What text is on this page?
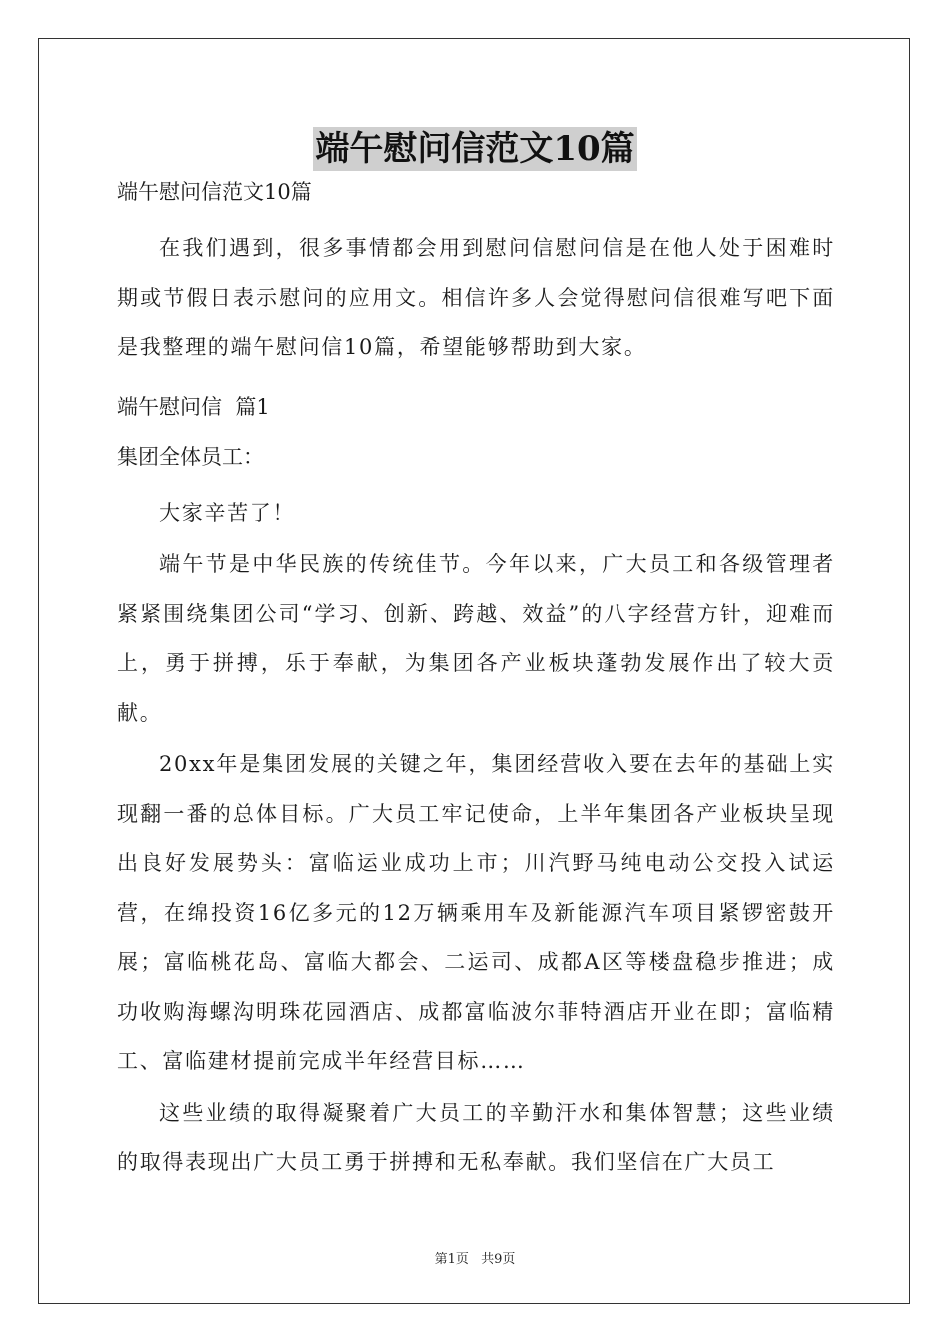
端午慰问信范文10篇

端午慰问信范文10篇

在我们遇到，很多事情都会用到慰问信慰问信是在他人处于困难时期或节假日表示慰问的应用文。相信许多人会觉得慰问信很难写吧下面是我整理的端午慰问信10篇，希望能够帮助到大家。

端午慰问信  篇1

集团全体员工：

大家辛苦了！

端午节是中华民族的传统佳节。今年以来，广大员工和各级管理者紧紧围绕集团公司“学习、创新、跨越、效益”的八字经营方针，迎难而上，勇于拼搏，乐于奉献，为集团各产业板块蓬勃发展作出了较大贡献。

20xx年是集团发展的关键之年，集团经营收入要在去年的基础上实现翻一番的总体目标。广大员工牢记使命，上半年集团各产业板块呈现出良好发展势头：富临运业成功上市；川汽野马纯电动公交投入试运营，在绵投资16亿多元的12万辆乘用车及新能源汽车项目紧锣密鼓开展；富临桃花岛、富临大都会、二运司、成都A区等楼盘稳步推进；成功收购海螺沟明珠花园酒店、成都富临波尔菲特酒店开业在即；富临精工、富临建材提前完成半年经营目标……

这些业绩的取得凝聚着广大员工的辛勤汗水和集体智慧；这些业绩的取得表现出广大员工勇于拼搏和无私奉献。我们坚信在广大员工

第1页 共9页
